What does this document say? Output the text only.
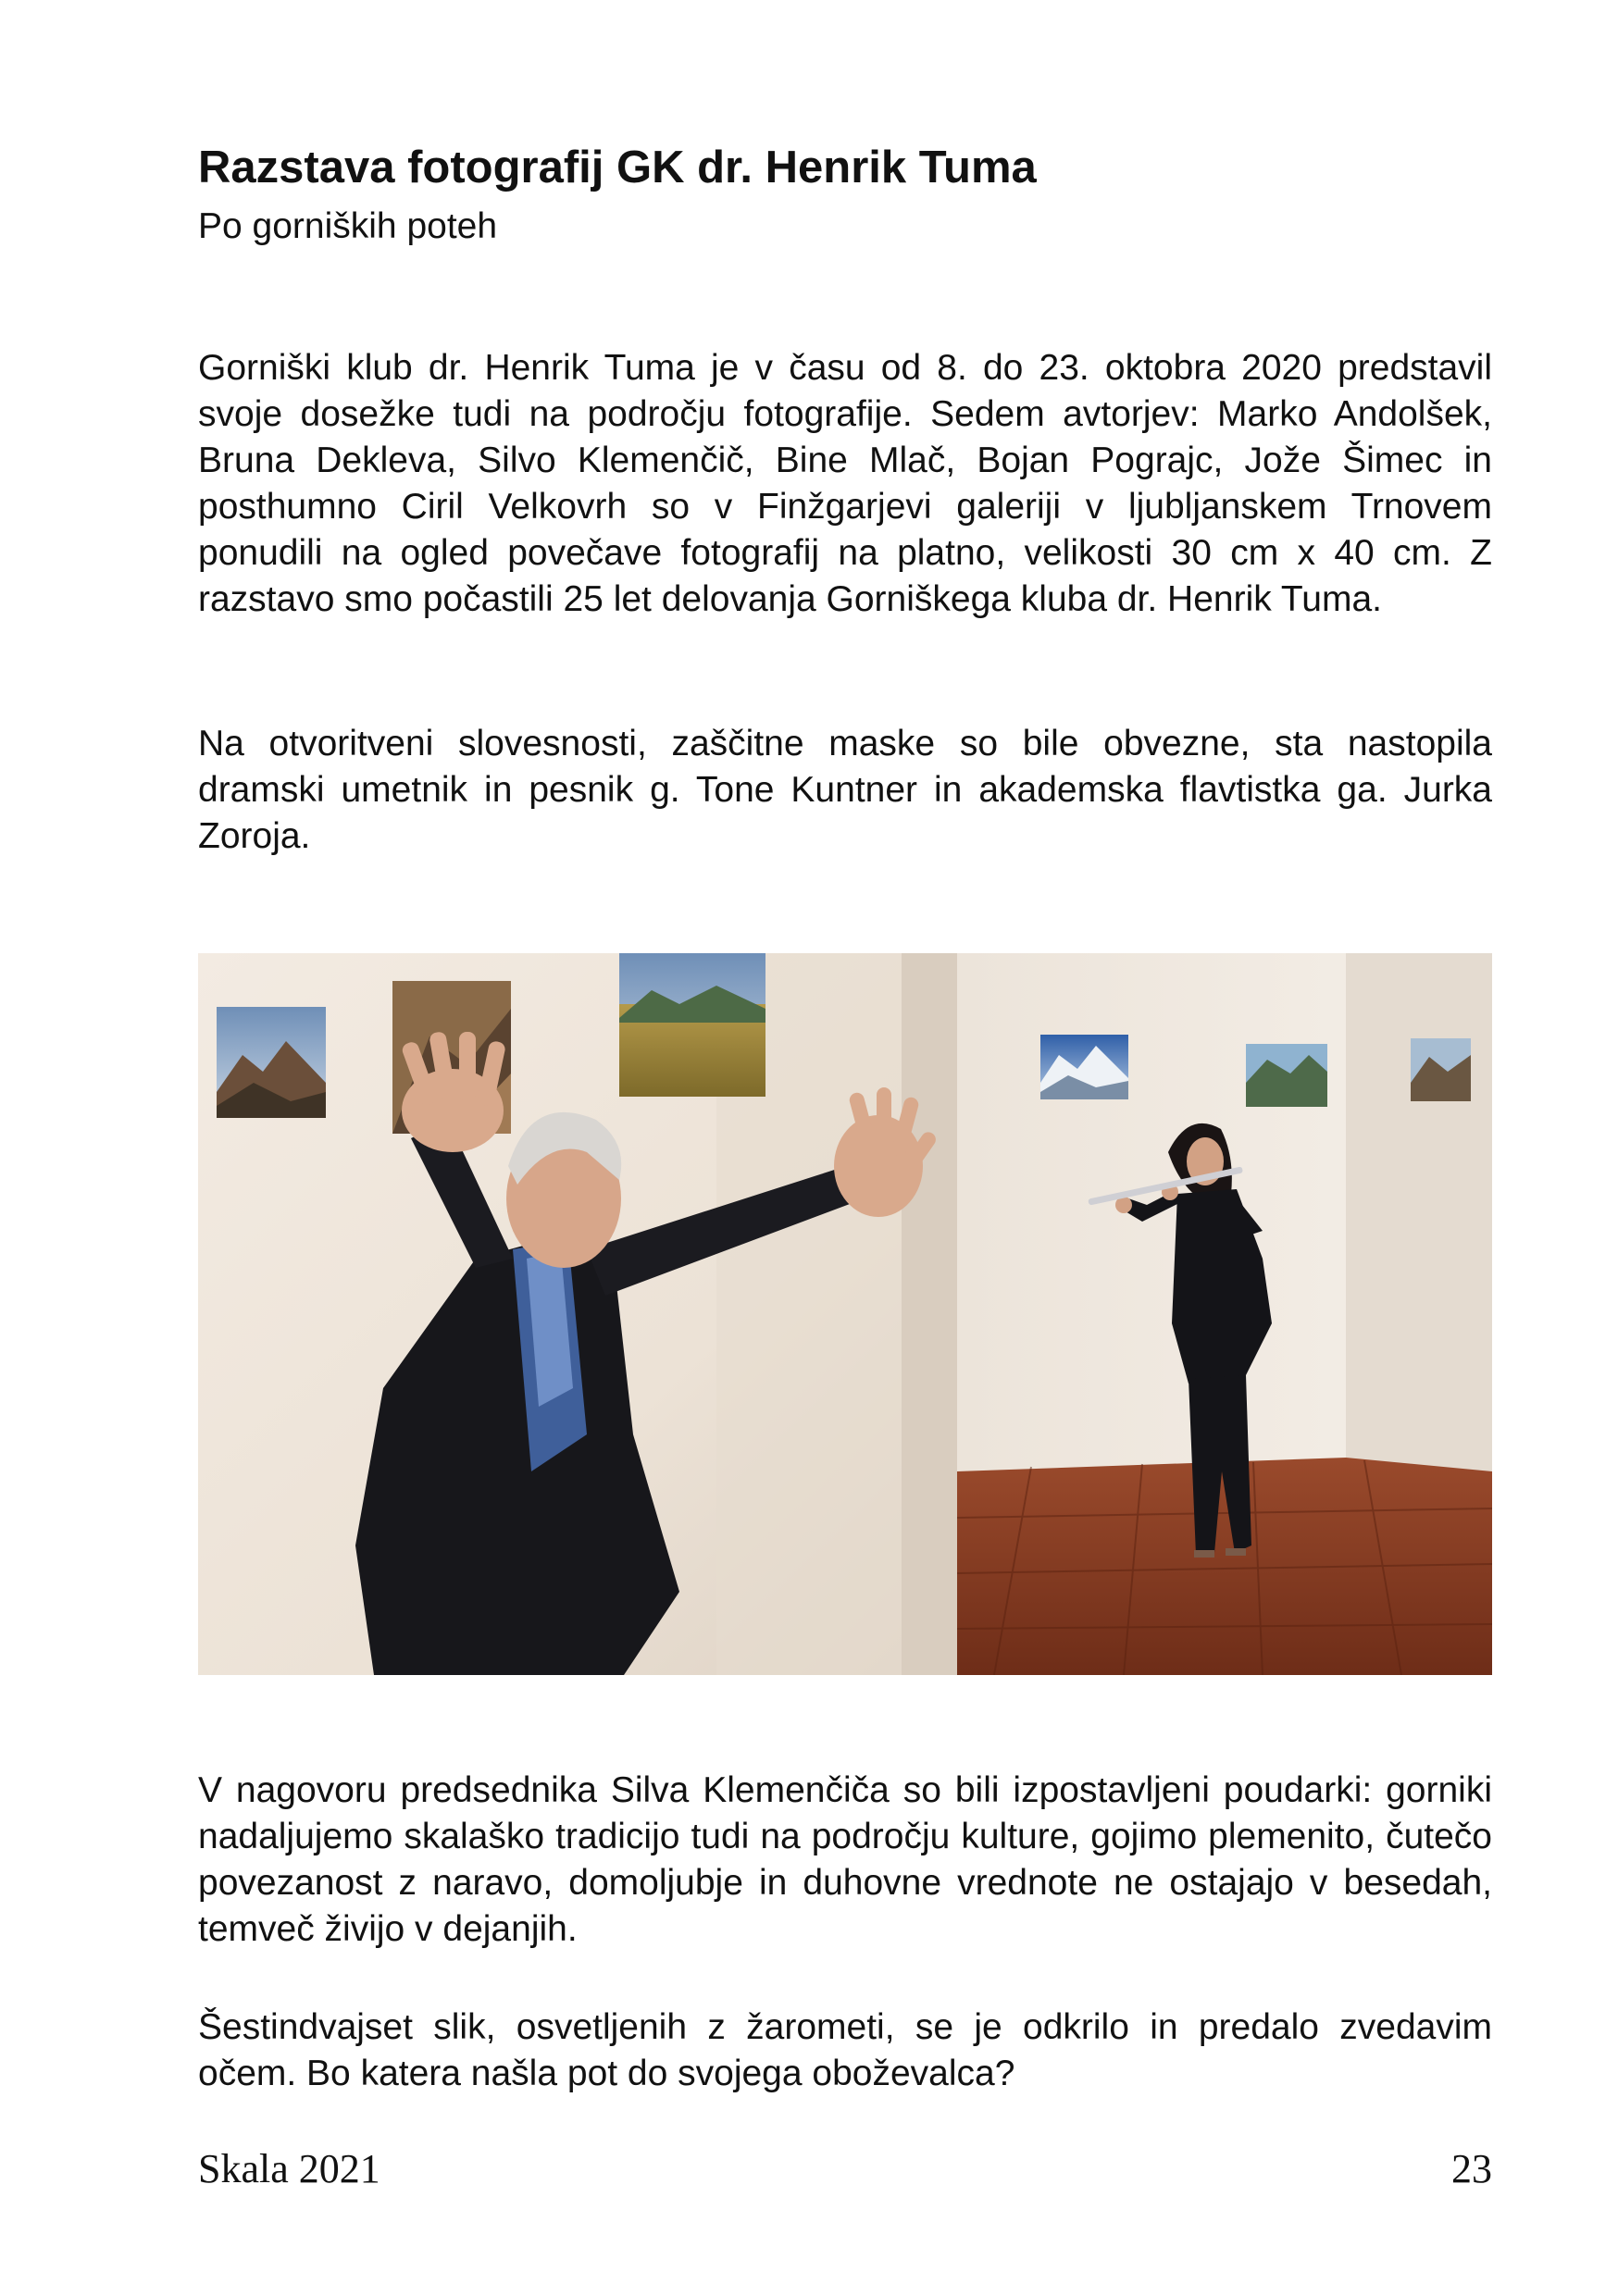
Razstava fotografij GK dr. Henrik Tuma
Po gorniških poteh

Gorniški klub dr. Henrik Tuma je v času od 8. do 23. oktobra 2020 predstavil svoje dosežke tudi na področju fotografije. Sedem avtorjev: Marko Andolšek, Bruna Dekleva, Silvo Klemenčič, Bine Mlač, Bojan Pograjc, Jože Šimec in posthumno Ciril Velkovrh so v Finžgarjevi galeriji v ljubljanskem Trnovem ponudili na ogled povečave fotografij na platno, velikosti 30 cm x 40 cm. Z razstavo smo počastili 25 let delovanja Gorniškega kluba dr. Henrik Tuma.

Na otvoritveni slovesnosti, zaščitne maske so bile obvezne, sta nastopila dramski umetnik in pesnik g. Tone Kuntner in akademska flavtistka ga. Jurka Zoroja.

V nagovoru predsednika Silva Klemenčiča so bili izpostavljeni poudarki: gorniki nadaljujemo skalaško tradicijo tudi na področju kulture, gojimo plemenito, čutečo povezanost z naravo, domoljubje in duhovne vrednote ne ostajajo v besedah, temveč živijo v dejanjih.

Šestindvajset slik, osvetljenih z žarometi, se je odkrilo in predalo zvedavim očem. Bo katera našla pot do svojega oboževalca?

Skala 2021	23
